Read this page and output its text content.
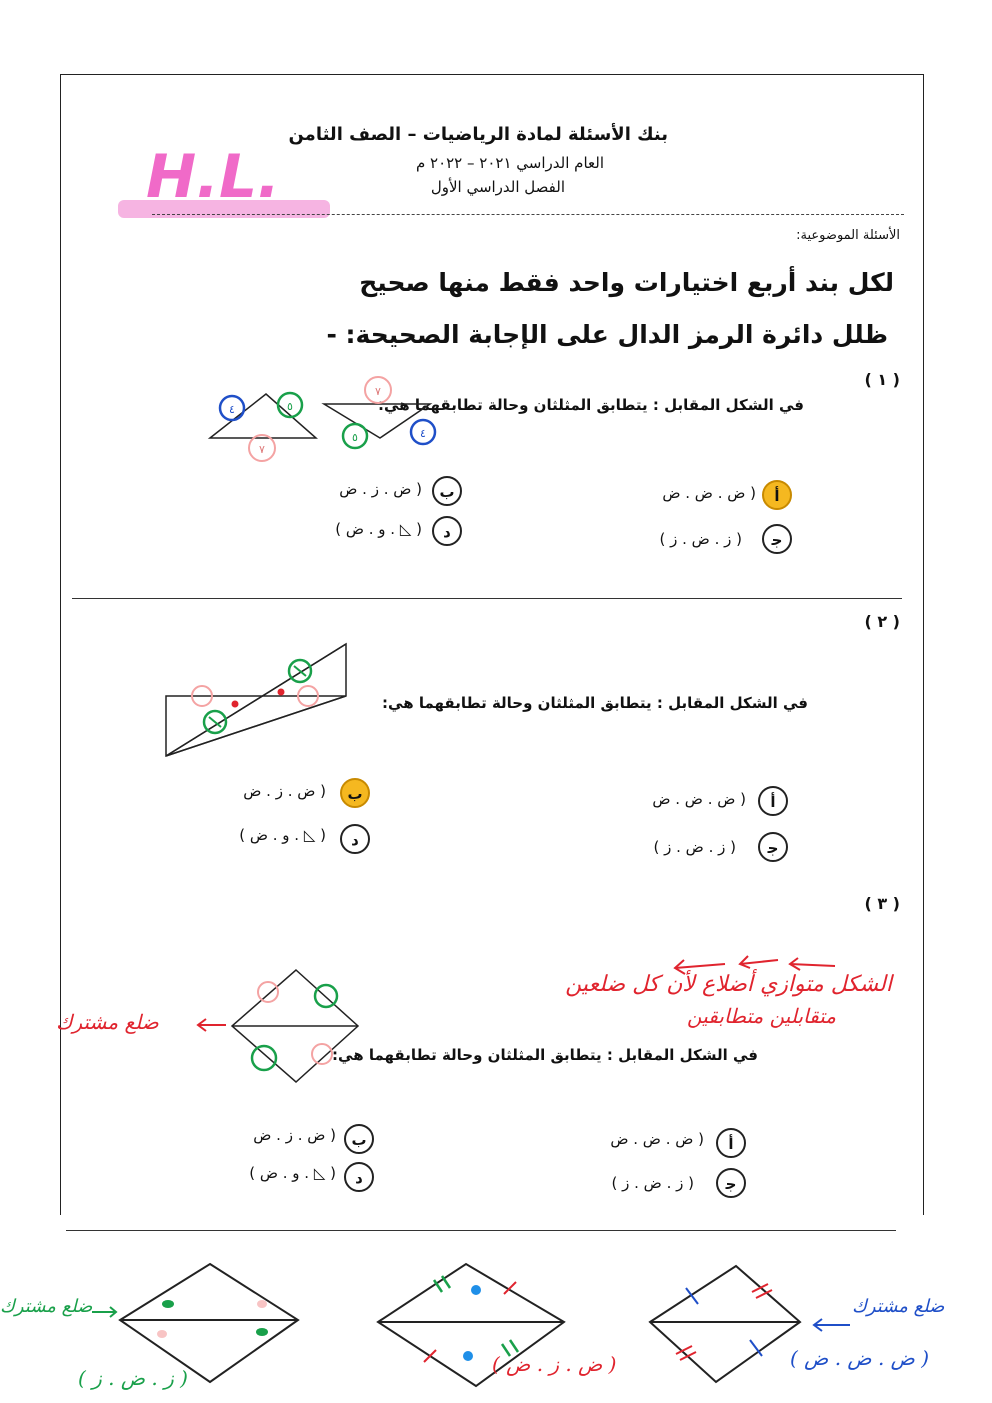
بنك الأسئلة لمادة الرياضيات – الصف الثامن
العام الدراسي ٢٠٢١ – ٢٠٢٢ م
الفصل الدراسي الأول
H.L.
الأسئلة الموضوعية:
لكل بند أربع اختيارات واحد فقط منها صحيح
ظلل دائرة الرمز الدال على الإجابة الصحيحة: -
( ١ )
في الشكل المقابل : يتطابق المثلثان وحالة تطابقهما هي:
٤	٥
٧
٧
٥	٤
ﺃ
( ض . ض . ض
ب
( ض . ز . ض
ﺟ
( ز . ض . ز )
ﺩ
( ◺ . و . ض )
( ٢ )
في الشكل المقابل : يتطابق المثلثان وحالة تطابقهما هي:
ﺃ
( ض . ض . ض
ب
( ض . ز . ض
ﺟ
( ز . ض . ز )
ﺩ
( ◺ . و . ض )
( ٣ )
الشكل متوازي أضلاع لأن كل ضلعين
متقابلين متطابقين
في الشكل المقابل : يتطابق المثلثان وحالة تطابقهما هي:
ضلع مشترك
ﺃ
( ض . ض . ض
ب
( ض . ز . ض
ﺟ
( ز . ض . ز )
ﺩ
( ◺ . و . ض )
ضلع مشترك
( ز . ض . ز )
( ض . ز . ض )
ضلع مشترك
( ض . ض . ض )
